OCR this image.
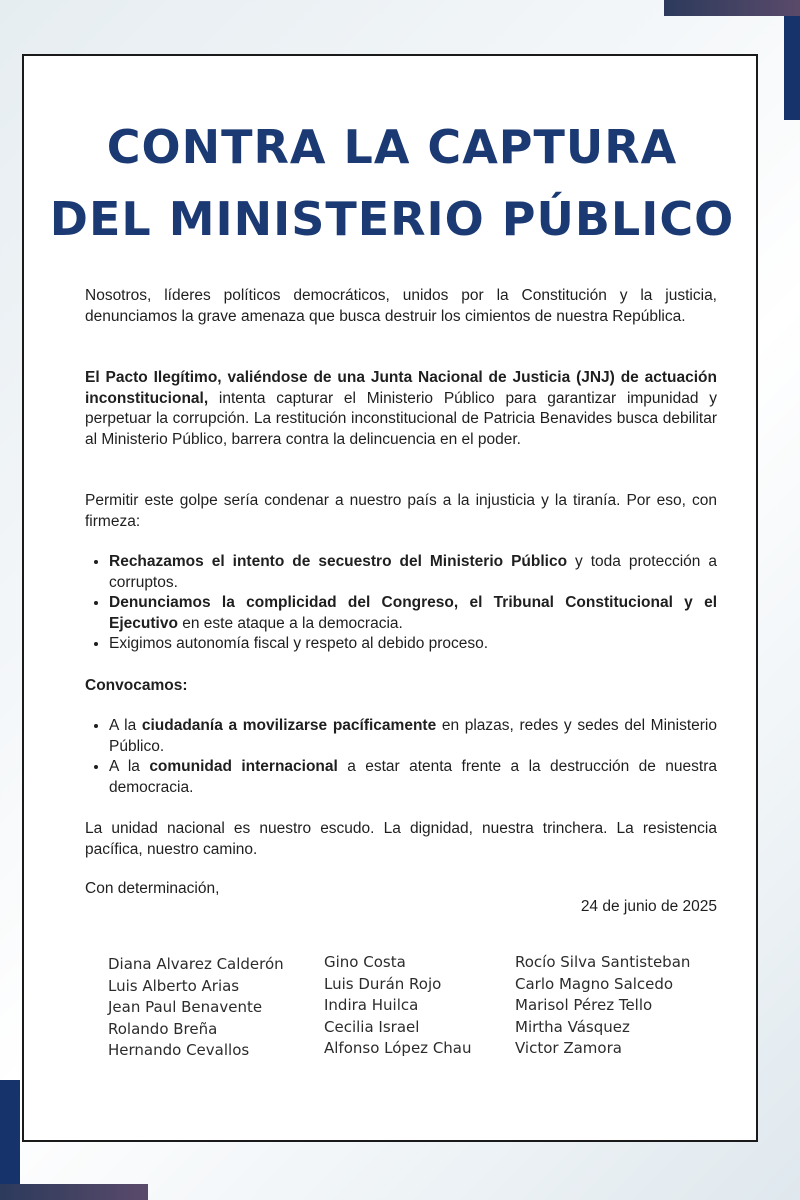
CONTRA LA CAPTURA
DEL MINISTERIO PÚBLICO

Nosotros, líderes políticos democráticos, unidos por la Constitución y la justicia, denunciamos la grave amenaza que busca destruir los cimientos de nuestra República.

El Pacto Ilegítimo, valiéndose de una Junta Nacional de Justicia (JNJ) de actuación inconstitucional, intenta capturar el Ministerio Público para garantizar impunidad y perpetuar la corrupción. La restitución inconstitucional de Patricia Benavides busca debilitar al Ministerio Público, barrera contra la delincuencia en el poder.

Permitir este golpe sería condenar a nuestro país a la injusticia y la tiranía. Por eso, con firmeza:

• Rechazamos el intento de secuestro del Ministerio Público y toda protección a corruptos.
• Denunciamos la complicidad del Congreso, el Tribunal Constitucional y el Ejecutivo en este ataque a la democracia.
• Exigimos autonomía fiscal y respeto al debido proceso.

Convocamos:

• A la ciudadanía a movilizarse pacíficamente en plazas, redes y sedes del Ministerio Público.
• A la comunidad internacional a estar atenta frente a la destrucción de nuestra democracia.

La unidad nacional es nuestro escudo. La dignidad, nuestra trinchera. La resistencia pacífica, nuestro camino.

Con determinación,

24 de junio de 2025
Diana Alvarez Calderón
Luis Alberto Arias
Jean Paul Benavente
Rolando Breña
Hernando Cevallos
Gino Costa
Luis Durán Rojo
Indira Huilca
Cecilia Israel
Alfonso López Chau
Rocío Silva Santisteban
Carlo Magno Salcedo
Marisol Pérez Tello
Mirtha Vásquez
Victor Zamora
